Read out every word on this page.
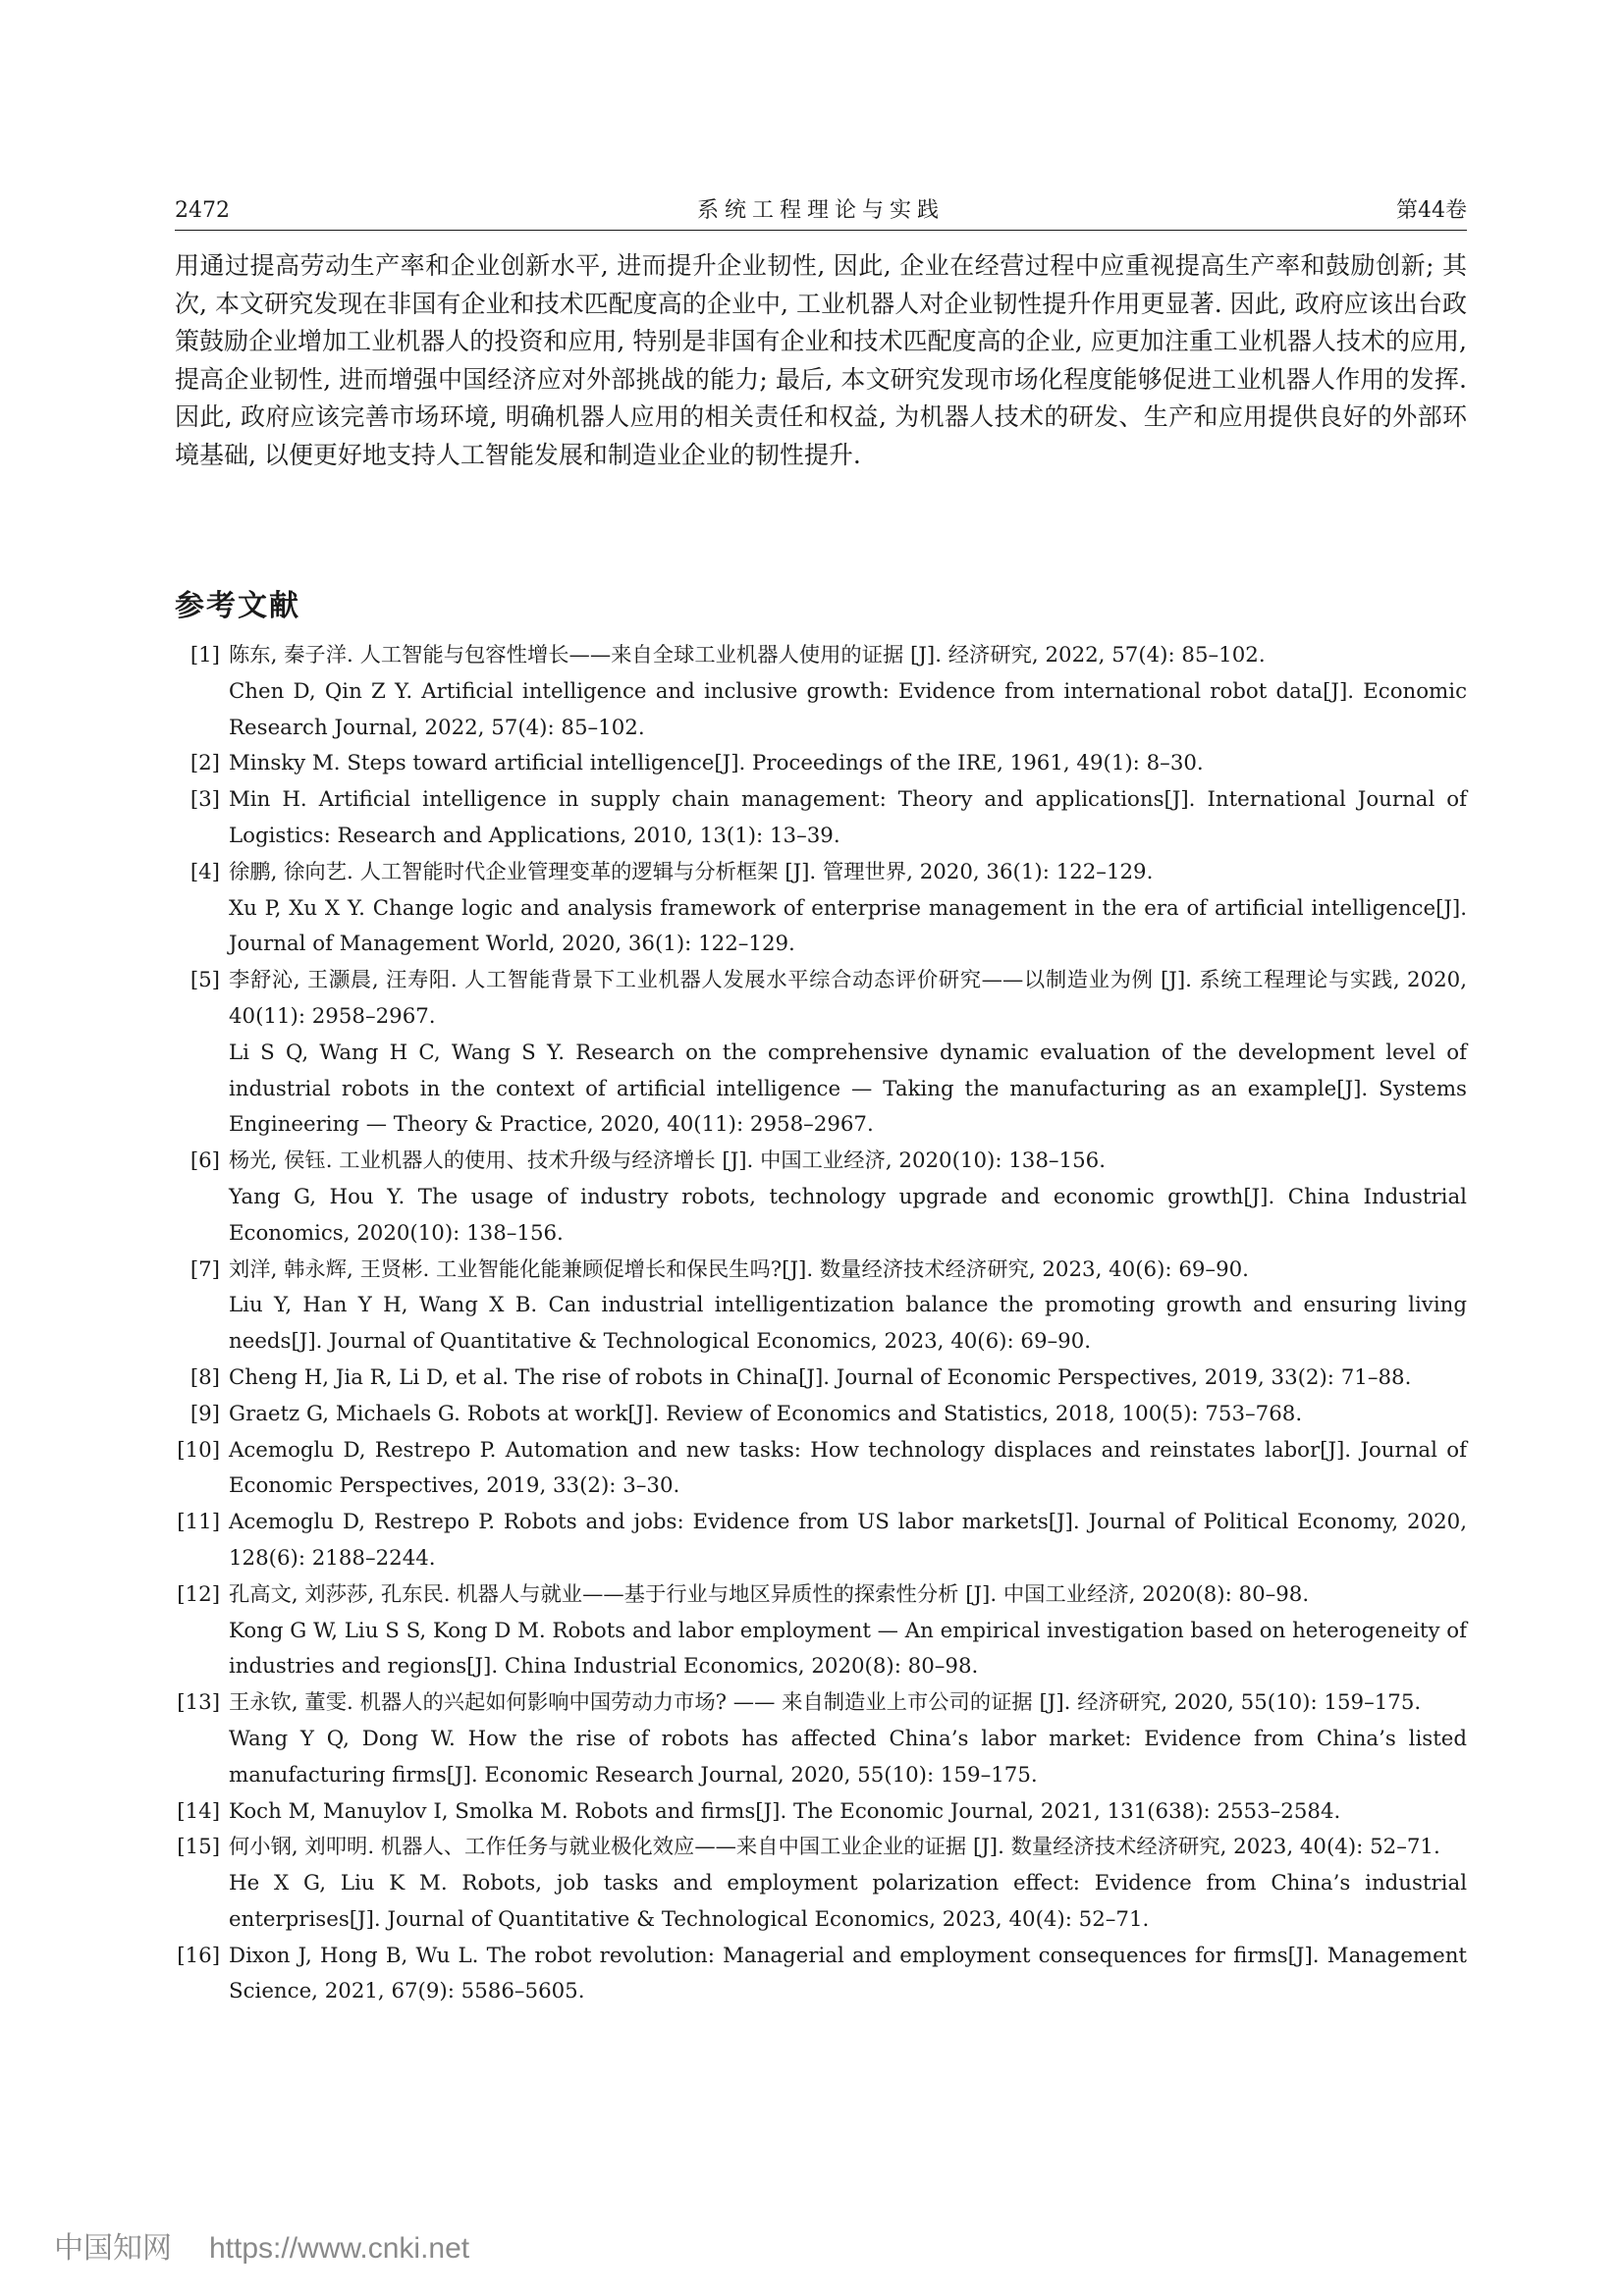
2472	系统工程理论与实践	第44卷

用通过提高劳动生产率和企业创新水平, 进而提升企业韧性, 因此, 企业在经营过程中应重视提高生产率和鼓励创新; 其次, 本文研究发现在非国有企业和技术匹配度高的企业中, 工业机器人对企业韧性提升作用更显著. 因此, 政府应该出台政策鼓励企业增加工业机器人的投资和应用, 特别是非国有企业和技术匹配度高的企业, 应更加注重工业机器人技术的应用, 提高企业韧性, 进而增强中国经济应对外部挑战的能力; 最后, 本文研究发现市场化程度能够促进工业机器人作用的发挥. 因此, 政府应该完善市场环境, 明确机器人应用的相关责任和权益, 为机器人技术的研发、生产和应用提供良好的外部环境基础, 以便更好地支持人工智能发展和制造业企业的韧性提升.

参考文献
[1] 陈东, 秦子洋. 人工智能与包容性增长——来自全球工业机器人使用的证据 [J]. 经济研究, 2022, 57(4): 85–102.
Chen D, Qin Z Y. Artificial intelligence and inclusive growth: Evidence from international robot data[J]. Economic Research Journal, 2022, 57(4): 85–102.
[2] Minsky M. Steps toward artificial intelligence[J]. Proceedings of the IRE, 1961, 49(1): 8–30.
[3] Min H. Artificial intelligence in supply chain management: Theory and applications[J]. International Journal of Logistics: Research and Applications, 2010, 13(1): 13–39.
[4] 徐鹏, 徐向艺. 人工智能时代企业管理变革的逻辑与分析框架 [J]. 管理世界, 2020, 36(1): 122–129.
Xu P, Xu X Y. Change logic and analysis framework of enterprise management in the era of artificial intelligence[J]. Journal of Management World, 2020, 36(1): 122–129.
[5] 李舒沁, 王灏晨, 汪寿阳. 人工智能背景下工业机器人发展水平综合动态评价研究——以制造业为例 [J]. 系统工程理论与实践, 2020, 40(11): 2958–2967.
Li S Q, Wang H C, Wang S Y. Research on the comprehensive dynamic evaluation of the development level of industrial robots in the context of artificial intelligence — Taking the manufacturing as an example[J]. Systems Engineering — Theory & Practice, 2020, 40(11): 2958–2967.
[6] 杨光, 侯钰. 工业机器人的使用、技术升级与经济增长 [J]. 中国工业经济, 2020(10): 138–156.
Yang G, Hou Y. The usage of industry robots, technology upgrade and economic growth[J]. China Industrial Economics, 2020(10): 138–156.
[7] 刘洋, 韩永辉, 王贤彬. 工业智能化能兼顾促增长和保民生吗?[J]. 数量经济技术经济研究, 2023, 40(6): 69–90.
Liu Y, Han Y H, Wang X B. Can industrial intelligentization balance the promoting growth and ensuring living needs[J]. Journal of Quantitative & Technological Economics, 2023, 40(6): 69–90.
[8] Cheng H, Jia R, Li D, et al. The rise of robots in China[J]. Journal of Economic Perspectives, 2019, 33(2): 71–88.
[9] Graetz G, Michaels G. Robots at work[J]. Review of Economics and Statistics, 2018, 100(5): 753–768.
[10] Acemoglu D, Restrepo P. Automation and new tasks: How technology displaces and reinstates labor[J]. Journal of Economic Perspectives, 2019, 33(2): 3–30.
[11] Acemoglu D, Restrepo P. Robots and jobs: Evidence from US labor markets[J]. Journal of Political Economy, 2020, 128(6): 2188–2244.
[12] 孔高文, 刘莎莎, 孔东民. 机器人与就业——基于行业与地区异质性的探索性分析 [J]. 中国工业经济, 2020(8): 80–98.
Kong G W, Liu S S, Kong D M. Robots and labor employment — An empirical investigation based on heterogeneity of industries and regions[J]. China Industrial Economics, 2020(8): 80–98.
[13] 王永钦, 董雯. 机器人的兴起如何影响中国劳动力市场? —— 来自制造业上市公司的证据 [J]. 经济研究, 2020, 55(10): 159–175.
Wang Y Q, Dong W. How the rise of robots has affected China’s labor market: Evidence from China’s listed manufacturing firms[J]. Economic Research Journal, 2020, 55(10): 159–175.
[14] Koch M, Manuylov I, Smolka M. Robots and firms[J]. The Economic Journal, 2021, 131(638): 2553–2584.
[15] 何小钢, 刘叩明. 机器人、工作任务与就业极化效应——来自中国工业企业的证据 [J]. 数量经济技术经济研究, 2023, 40(4): 52–71.
He X G, Liu K M. Robots, job tasks and employment polarization effect: Evidence from China’s industrial enterprises[J]. Journal of Quantitative & Technological Economics, 2023, 40(4): 52–71.
[16] Dixon J, Hong B, Wu L. The robot revolution: Managerial and employment consequences for firms[J]. Management Science, 2021, 67(9): 5586–5605.
中国知网 https://www.cnki.net
